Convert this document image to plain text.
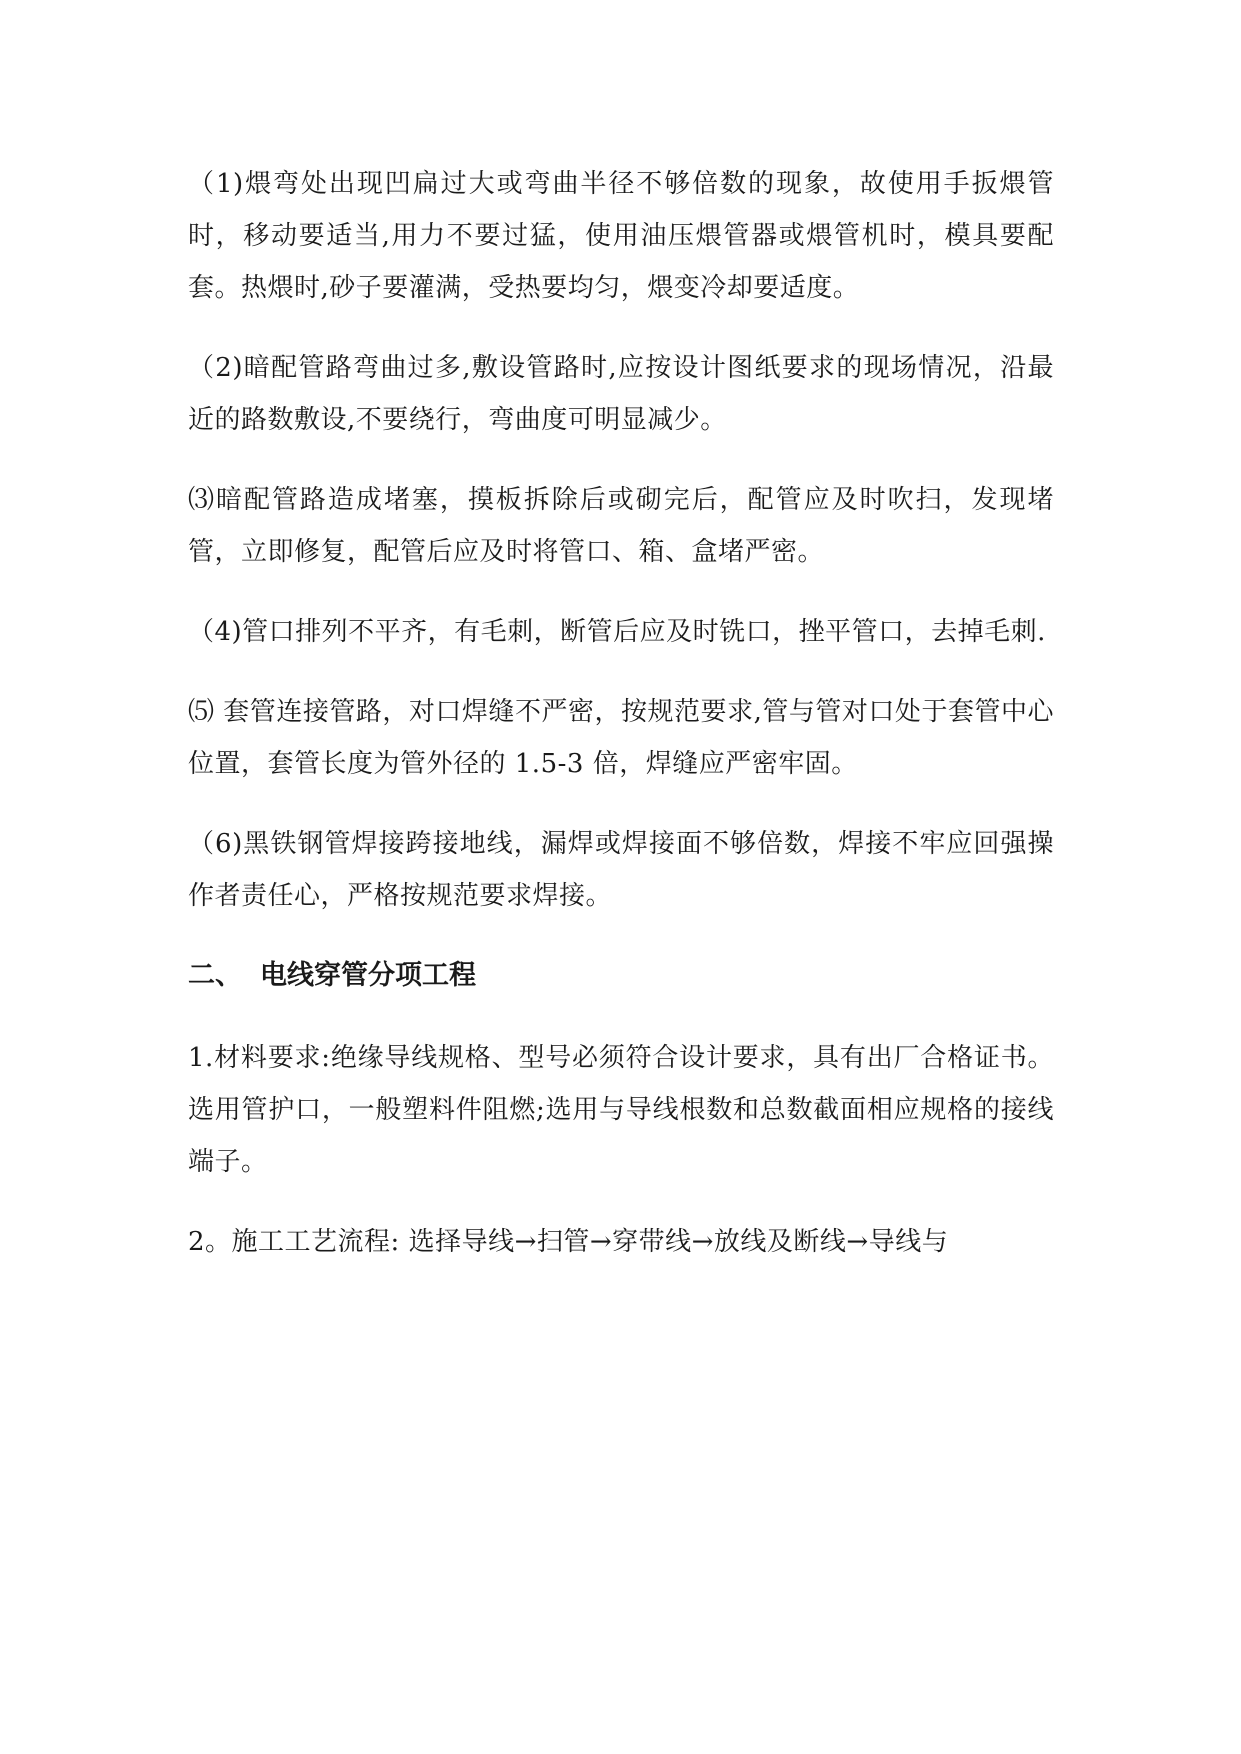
（1)煨弯处出现凹扁过大或弯曲半径不够倍数的现象，故使用手扳煨管时，移动要适当,用力不要过猛，使用油压煨管器或煨管机时，模具要配套。热煨时,砂子要灌满，受热要均匀，煨变冷却要适度。

（2)暗配管路弯曲过多,敷设管路时,应按设计图纸要求的现场情况，沿最近的路数敷设,不要绕行，弯曲度可明显减少。

⑶暗配管路造成堵塞，摸板拆除后或砌完后，配管应及时吹扫，发现堵管，立即修复，配管后应及时将管口、箱、盒堵严密。

（4)管口排列不平齐，有毛刺，断管后应及时铣口，挫平管口，去掉毛刺.

⑸ 套管连接管路，对口焊缝不严密，按规范要求,管与管对口处于套管中心位置，套管长度为管外径的 1.5-3 倍，焊缝应严密牢固。

（6)黑铁钢管焊接跨接地线，漏焊或焊接面不够倍数，焊接不牢应回强操作者责任心，严格按规范要求焊接。

二、 电线穿管分项工程

1.材料要求:绝缘导线规格、型号必须符合设计要求，具有出厂合格证书。选用管护口，一般塑料件阻燃;选用与导线根数和总数截面相应规格的接线端子。

2。施工工艺流程: 选择导线→扫管→穿带线→放线及断线→导线与
